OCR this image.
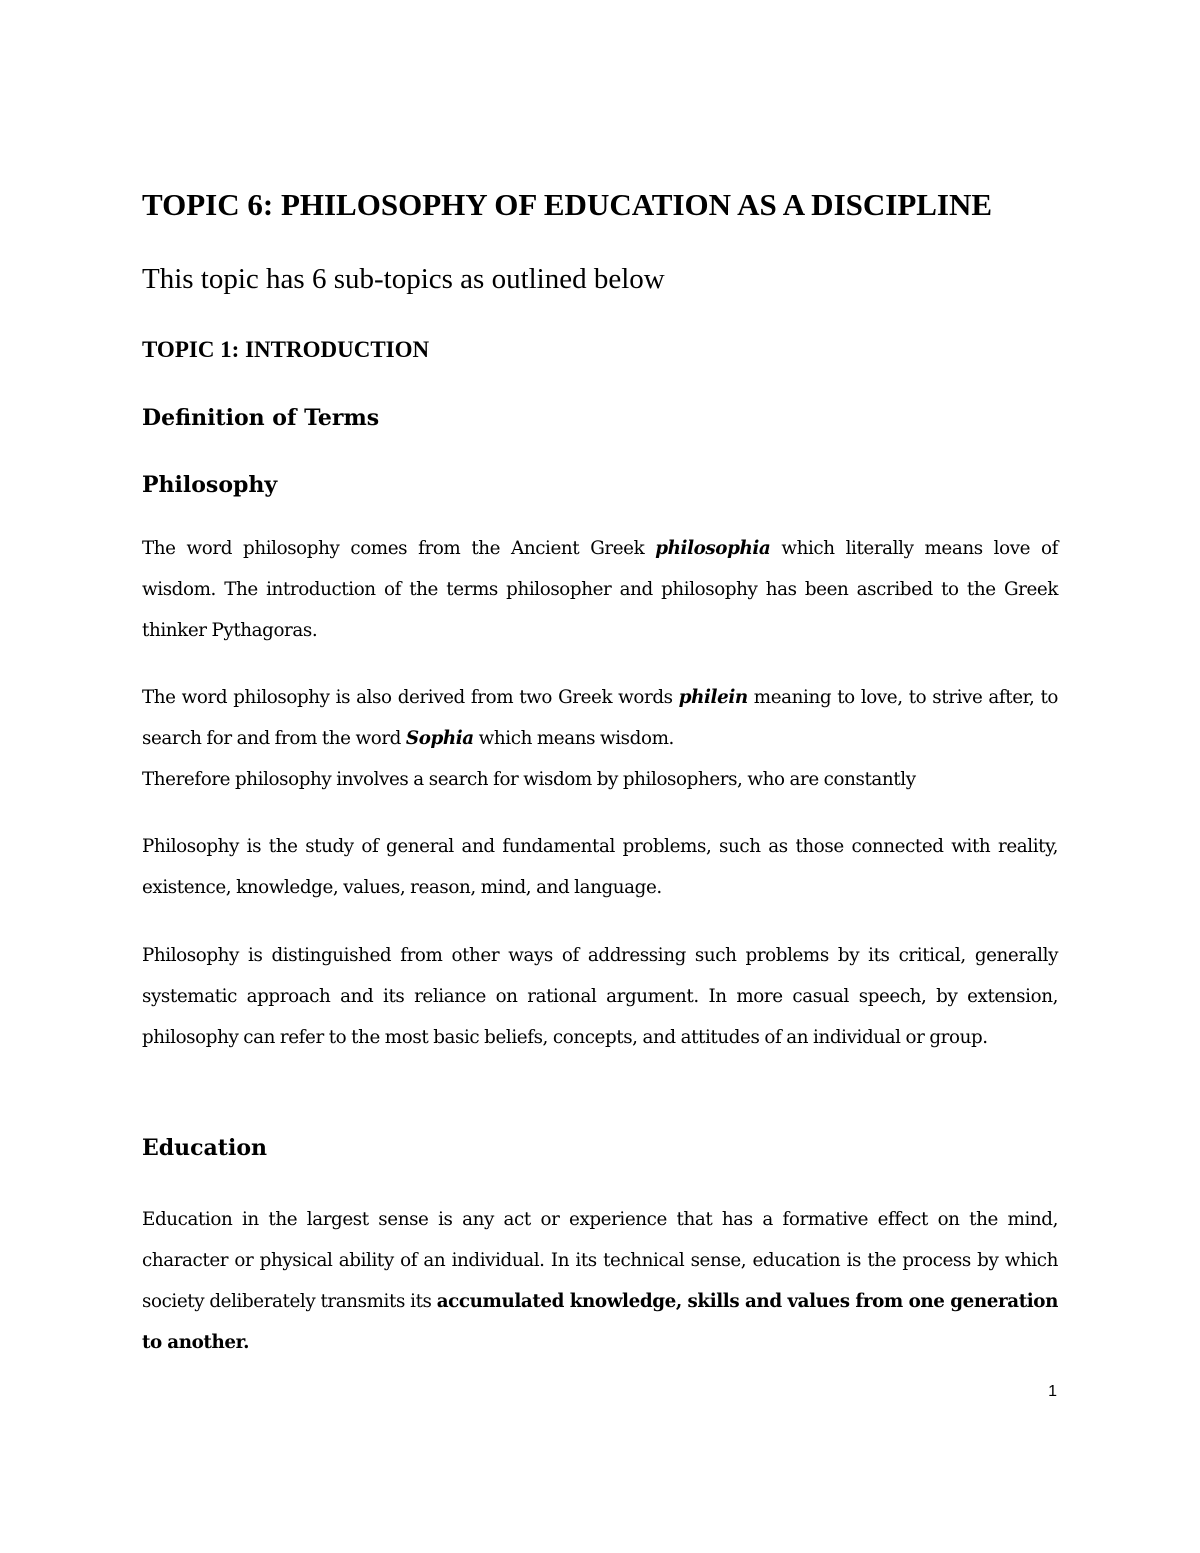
TOPIC 6: PHILOSOPHY OF EDUCATION AS A DISCIPLINE
This topic has 6 sub-topics as outlined below
TOPIC 1: INTRODUCTION
Definition of Terms
Philosophy

The word philosophy comes from the Ancient Greek philosophia which literally means love of wisdom. The introduction of the terms philosopher and philosophy has been ascribed to the Greek thinker Pythagoras.

The word philosophy is also derived from two Greek words philein meaning to love, to strive after, to search for and from the word Sophia which means wisdom.

Therefore philosophy involves a search for wisdom by philosophers, who are constantly

Philosophy is the study of general and fundamental problems, such as those connected with reality, existence, knowledge, values, reason, mind, and language.

Philosophy is distinguished from other ways of addressing such problems by its critical, generally systematic approach and its reliance on rational argument. In more casual speech, by extension, philosophy can refer to the most basic beliefs, concepts, and attitudes of an individual or group.

Education

Education in the largest sense is any act or experience that has a formative effect on the mind, character or physical ability of an individual. In its technical sense, education is the process by which society deliberately transmits its accumulated knowledge, skills and values from one generation to another.

1
